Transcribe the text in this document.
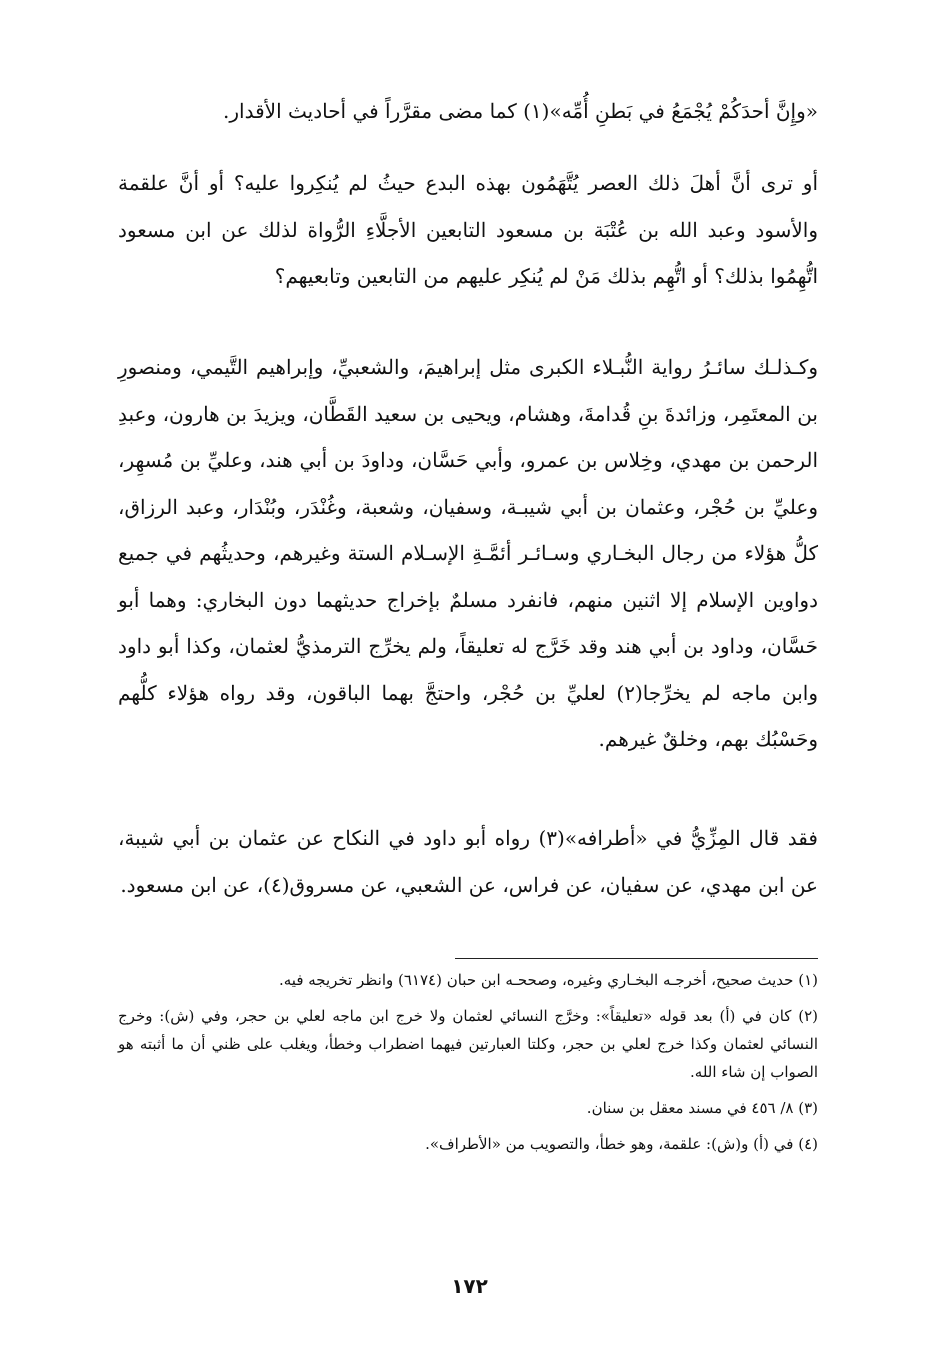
«وإِنَّ أحدَكُمْ يُجْمَعُ في بَطنِ أُمِّه»(١) كما مضى مقرَّراً في أحاديث الأقدار.

أو ترى أنَّ أهلَ ذلك العصر يُتَّهَمُون بهذه البدع حيثُ لم يُنكِروا عليه؟ أو أنَّ علقمة والأسود وعبد الله بن عُتْبَة بن مسعود التابعين الأجلَّاءِ الرُّواة لذلك عن ابن مسعود اتُّهِمُوا بذلك؟ أو اتُّهِم بذلك مَنْ لم يُنكِر عليهم من التابعين وتابعيهم؟

وكـذلـك سائـرُ رواية النُّبـلاء الكبرى مثل إبراهيمَ، والشعبيِّ، وإبراهيم التَّيمي، ومنصورِ بن المعتَمِر، وزائدةَ بنِ قُدامةَ، وهشام، ويحيى بن سعيد القَطَّان، ويزيدَ بن هارون، وعبدِ الرحمن بن مهدي، وخِلاس بن عمرو، وأبي حَسَّان، وداودَ بن أبي هند، وعليِّ بن مُسهِر، وعليِّ بن حُجْر، وعثمان بن أبي شيبـة، وسفيان، وشعبة، وغُنْدَر، وبُنْدَار، وعبد الرزاق، كلُّ هؤلاء من رجال البخـاري وسـائـر أئمَّـةِ الإسـلام الستة وغيرهم، وحديثُهم في جميع دواوين الإسلام إلا اثنين منهم، فانفرد مسلمٌ بإخراج حديثهما دون البخاري: وهما أبو حَسَّان، وداود بن أبي هند وقد خَرَّج له تعليقاً، ولم يخرِّج الترمذيُّ لعثمان، وكذا أبو داود وابن ماجه لم يخرِّجا(٢) لعليِّ بن حُجْر، واحتجَّ بهما الباقون، وقد رواه هؤلاء كلُّهم وحَسْبُك بهم، وخلقٌ غيرهم.

فقد قال المِزِّيُّ في «أطرافه»(٣) رواه أبو داود في النكاح عن عثمان بن أبي شيبة، عن ابن مهدي، عن سفيان، عن فراس، عن الشعبي، عن مسروق(٤)، عن ابن مسعود.

(١) حديث صحيح، أخرجـه البخـاري وغيره، وصححـه ابن حبان (٦١٧٤) وانظر تخريجه فيه.

(٢) كان في (أ) بعد قوله «تعليقاً»: وخرَّج النسائي لعثمان ولا خرج ابن ماجه لعلي بن حجر، وفي (ش): وخرج النسائي لعثمان وكذا خرج لعلي بن حجر، وكلتا العبارتين فيهما اضطراب وخطأ، ويغلب على ظني أن ما أثبته هو الصواب إن شاء الله.

(٣) ٨/ ٤٥٦ في مسند معقل بن سنان.

(٤) في (أ) و(ش): علقمة، وهو خطأ، والتصويب من «الأطراف».

١٧٢
